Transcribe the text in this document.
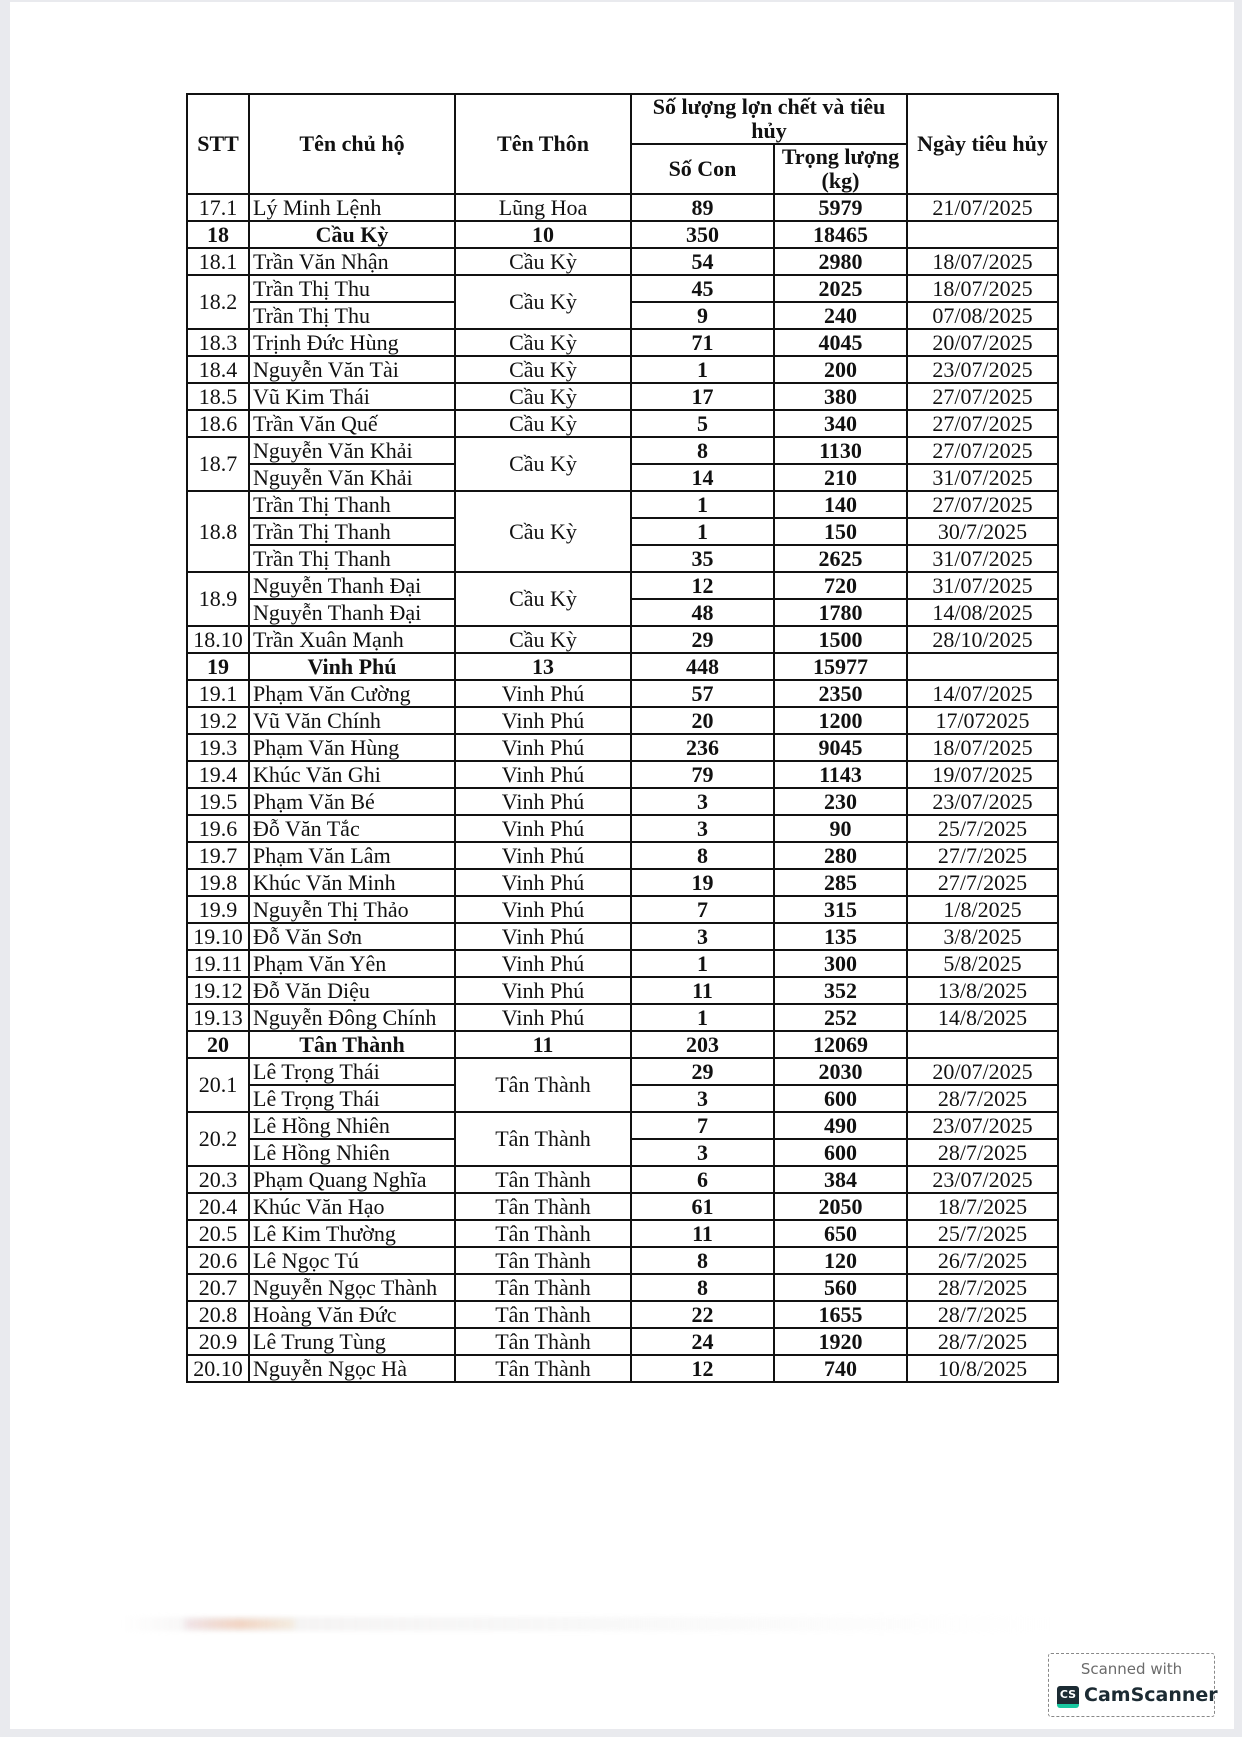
STT	Tên chủ hộ	Tên Thôn	Số lượng lợn chết và tiêu hủy		Ngày tiêu hủy
			Số Con	Trọng lượng (kg)	
17.1	Lý Minh Lệnh	Lũng Hoa	89	5979	21/07/2025
18	Cầu Kỳ	10	350	18465	
18.1	Trần Văn Nhận	Cầu Kỳ	54	2980	18/07/2025
18.2	Trần Thị Thu	Cầu Kỳ	45	2025	18/07/2025
	Trần Thị Thu		9	240	07/08/2025
18.3	Trịnh Đức Hùng	Cầu Kỳ	71	4045	20/07/2025
18.4	Nguyễn Văn Tài	Cầu Kỳ	1	200	23/07/2025
18.5	Vũ Kim Thái	Cầu Kỳ	17	380	27/07/2025
18.6	Trần Văn Quế	Cầu Kỳ	5	340	27/07/2025
18.7	Nguyễn Văn Khải	Cầu Kỳ	8	1130	27/07/2025
	Nguyễn Văn Khải		14	210	31/07/2025
18.8	Trần Thị Thanh	Cầu Kỳ	1	140	27/07/2025
	Trần Thị Thanh		1	150	30/7/2025
	Trần Thị Thanh		35	2625	31/07/2025
18.9	Nguyễn Thanh Đại	Cầu Kỳ	12	720	31/07/2025
	Nguyễn Thanh Đại		48	1780	14/08/2025
18.10	Trần Xuân Mạnh	Cầu Kỳ	29	1500	28/10/2025
19	Vinh Phú	13	448	15977	
19.1	Phạm Văn Cường	Vinh Phú	57	2350	14/07/2025
19.2	Vũ Văn Chính	Vinh Phú	20	1200	17/072025
19.3	Phạm Văn Hùng	Vinh Phú	236	9045	18/07/2025
19.4	Khúc Văn Ghi	Vinh Phú	79	1143	19/07/2025
19.5	Phạm Văn Bé	Vinh Phú	3	230	23/07/2025
19.6	Đỗ Văn Tắc	Vinh Phú	3	90	25/7/2025
19.7	Phạm Văn Lâm	Vinh Phú	8	280	27/7/2025
19.8	Khúc Văn Minh	Vinh Phú	19	285	27/7/2025
19.9	Nguyễn Thị Thảo	Vinh Phú	7	315	1/8/2025
19.10	Đỗ Văn Sơn	Vinh Phú	3	135	3/8/2025
19.11	Phạm Văn Yên	Vinh Phú	1	300	5/8/2025
19.12	Đỗ Văn Diệu	Vinh Phú	11	352	13/8/2025
19.13	Nguyễn Đông Chính	Vinh Phú	1	252	14/8/2025
20	Tân Thành	11	203	12069	
20.1	Lê Trọng Thái	Tân Thành	29	2030	20/07/2025
	Lê Trọng Thái		3	600	28/7/2025
20.2	Lê Hồng Nhiên	Tân Thành	7	490	23/07/2025
	Lê Hồng Nhiên		3	600	28/7/2025
20.3	Phạm Quang Nghĩa	Tân Thành	6	384	23/07/2025
20.4	Khúc Văn Hạo	Tân Thành	61	2050	18/7/2025
20.5	Lê Kim Thường	Tân Thành	11	650	25/7/2025
20.6	Lê Ngọc Tú	Tân Thành	8	120	26/7/2025
20.7	Nguyễn Ngọc Thành	Tân Thành	8	560	28/7/2025
20.8	Hoàng Văn Đức	Tân Thành	22	1655	28/7/2025
20.9	Lê Trung Tùng	Tân Thành	24	1920	28/7/2025
20.10	Nguyễn Ngọc Hà	Tân Thành	12	740	10/8/2025
Scanned with
CS CamScanner
